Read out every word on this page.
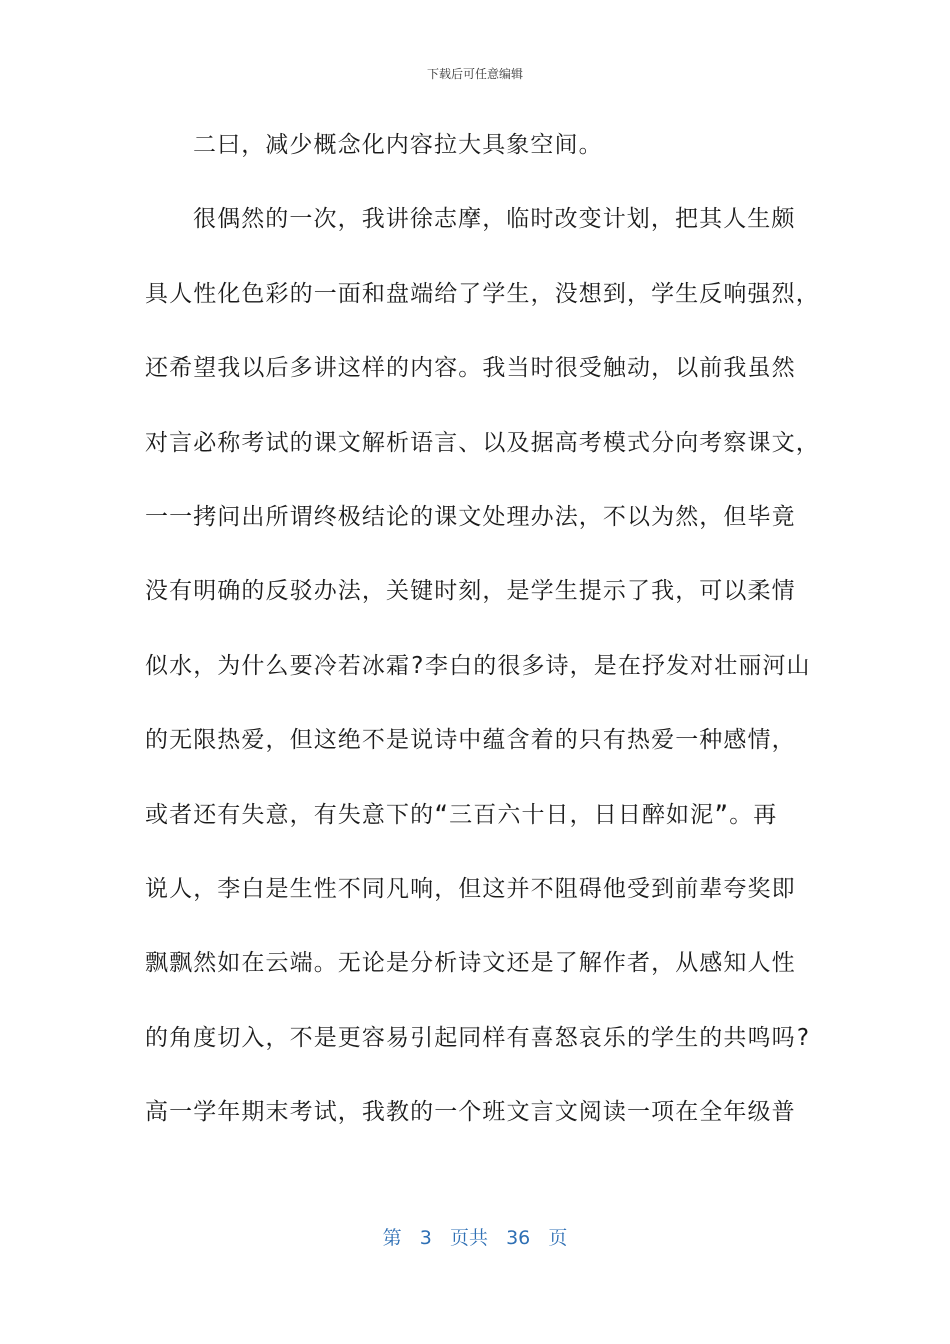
下载后可任意编辑
二曰，减少概念化内容拉大具象空间。
很偶然的一次，我讲徐志摩，临时改变计划，把其人生颇
具人性化色彩的一面和盘端给了学生，没想到，学生反响强烈，
还希望我以后多讲这样的内容。我当时很受触动，以前我虽然
对言必称考试的课文解析语言、以及据高考模式分向考察课文，
一一拷问出所谓终极结论的课文处理办法，不以为然，但毕竟
没有明确的反驳办法，关键时刻，是学生提示了我，可以柔情
似水，为什么要冷若冰霜?李白的很多诗，是在抒发对壮丽河山
的无限热爱，但这绝不是说诗中蕴含着的只有热爱一种感情，
或者还有失意，有失意下的“三百六十日，日日醉如泥”。再
说人，李白是生性不同凡响，但这并不阻碍他受到前辈夸奖即
飘飘然如在云端。无论是分析诗文还是了解作者，从感知人性
的角度切入，不是更容易引起同样有喜怒哀乐的学生的共鸣吗?
高一学年期末考试，我教的一个班文言文阅读一项在全年级普
第 3 页共 36 页
